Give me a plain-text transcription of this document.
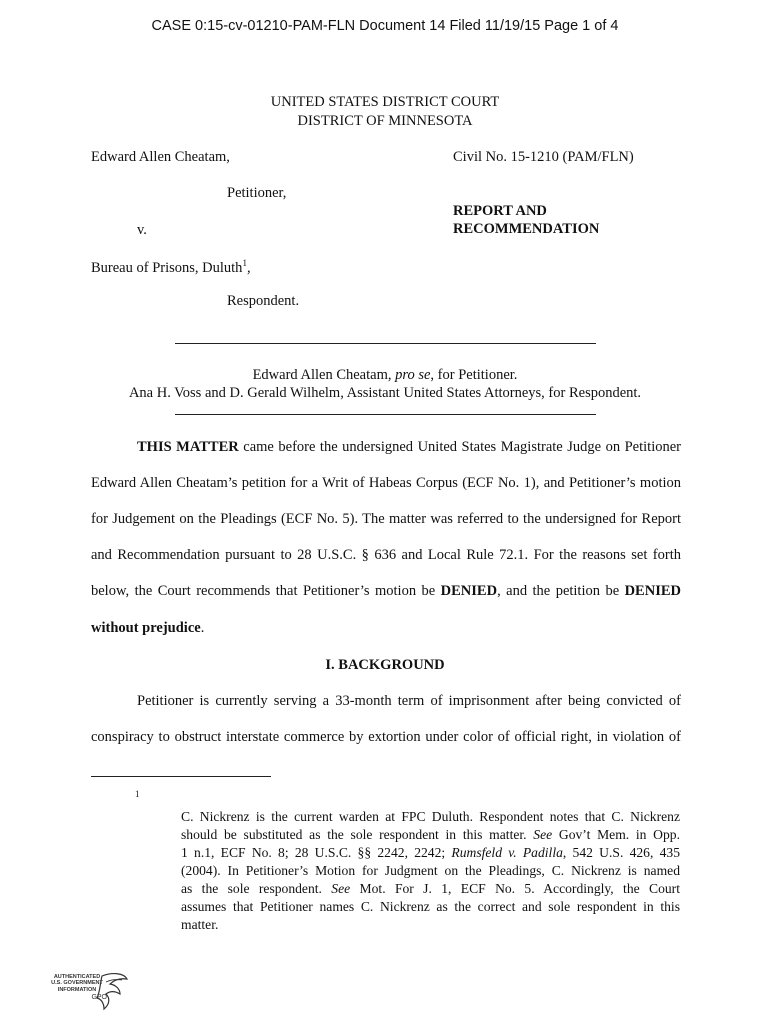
CASE 0:15-cv-01210-PAM-FLN Document 14 Filed 11/19/15 Page 1 of 4
UNITED STATES DISTRICT COURT
DISTRICT OF MINNESOTA
Edward Allen Cheatam,	Civil No. 15-1210 (PAM/FLN)
Petitioner,
REPORT AND
RECOMMENDATION
v.
Bureau of Prisons, Duluth$^1$,
Respondent.
Edward Allen Cheatam, pro se, for Petitioner.
Ana H. Voss and D. Gerald Wilhelm, Assistant United States Attorneys, for Respondent.
THIS MATTER came before the undersigned United States Magistrate Judge on Petitioner
Edward Allen Cheatam’s petition for a Writ of Habeas Corpus (ECF No. 1), and Petitioner’s motion
for Judgement on the Pleadings (ECF No. 5). The matter was referred to the undersigned for Report
and Recommendation pursuant to 28 U.S.C. § 636 and Local Rule 72.1. For the reasons set forth
below, the Court recommends that Petitioner’s motion be DENIED, and the petition be DENIED
without prejudice.
I. BACKGROUND
Petitioner is currently serving a 33-month term of imprisonment after being convicted of
conspiracy to obstruct interstate commerce by extortion under color of official right, in violation of
1
C. Nickrenz is the current warden at FPC Duluth. Respondent notes that C. Nickrenz
should be substituted as the sole respondent in this matter. See Gov’t Mem. in Opp.
1 n.1, ECF No. 8; 28 U.S.C. §§ 2242, 2242; Rumsfeld v. Padilla, 542 U.S. 426, 435
(2004). In Petitioner’s Motion for Judgment on the Pleadings, C. Nickrenz is named
as the sole respondent. See Mot. For J. 1, ECF No. 5. Accordingly, the Court
assumes that Petitioner names C. Nickrenz as the correct and sole respondent in this
matter.
AUTHENTICATED
U.S. GOVERNMENT
INFORMATION
GPO
